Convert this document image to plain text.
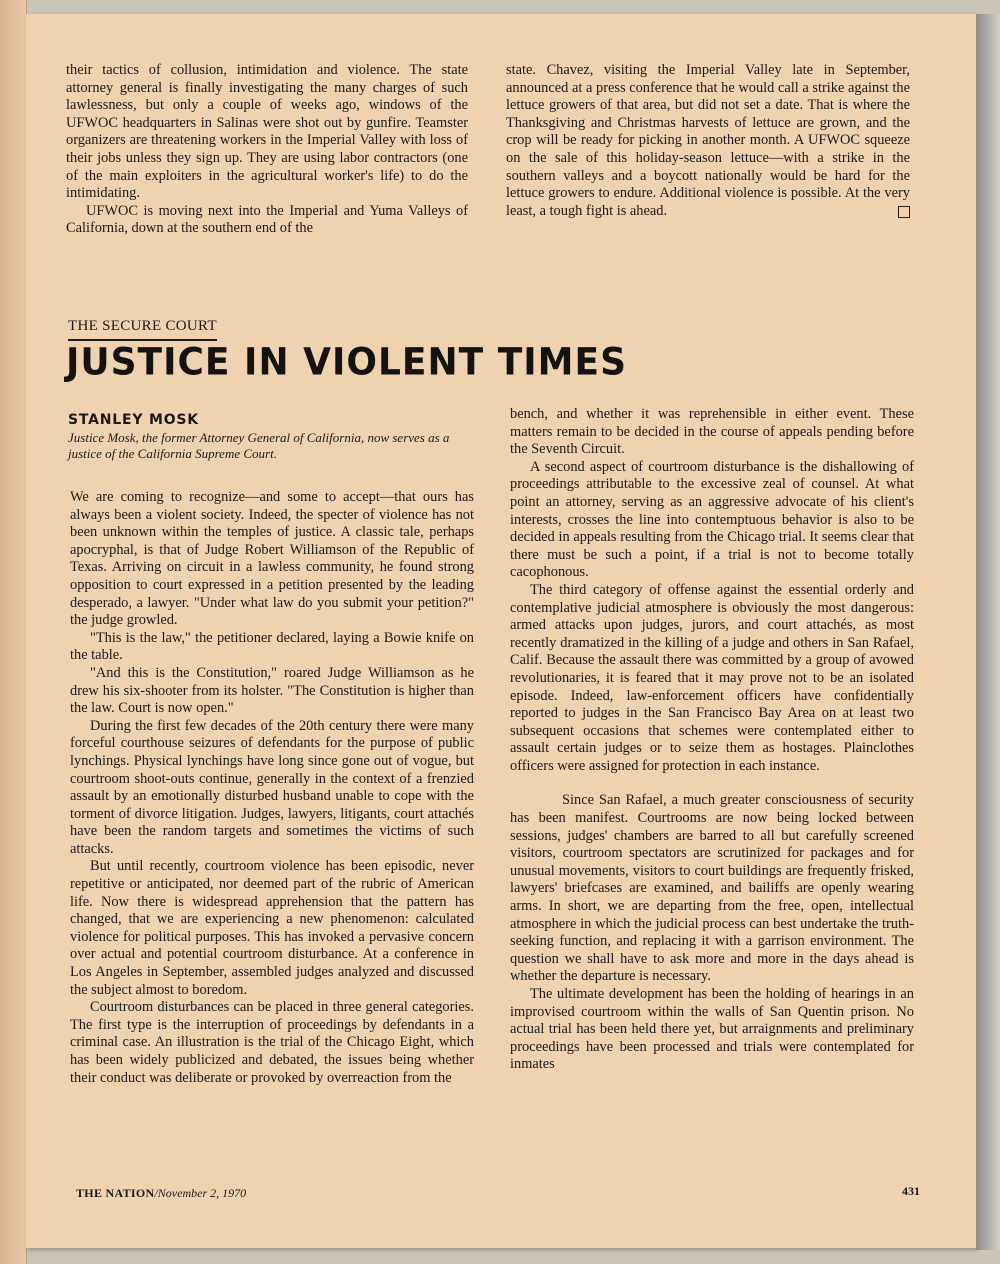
their tactics of collusion, intimidation and violence. The state attorney general is finally investigating the many charges of such lawlessness, but only a couple of weeks ago, windows of the UFWOC headquarters in Salinas were shot out by gunfire. Teamster organizers are threatening workers in the Imperial Valley with loss of their jobs unless they sign up. They are using labor contractors (one of the main exploiters in the agricultural worker's life) to do the intimidating.

UFWOC is moving next into the Imperial and Yuma Valleys of California, down at the southern end of the

state. Chavez, visiting the Imperial Valley late in September, announced at a press conference that he would call a strike against the lettuce growers of that area, but did not set a date. That is where the Thanksgiving and Christmas harvests of lettuce are grown, and the crop will be ready for picking in another month. A UFWOC squeeze on the sale of this holiday-season lettuce—with a strike in the southern valleys and a boycott nationally would be hard for the lettuce growers to endure. Additional violence is possible. At the very least, a tough fight is ahead.

THE SECURE COURT
JUSTICE IN VIOLENT TIMES
STANLEY MOSK
Justice Mosk, the former Attorney General of California, now serves as a justice of the California Supreme Court.

We are coming to recognize—and some to accept—that ours has always been a violent society. Indeed, the specter of violence has not been unknown within the temples of justice. A classic tale, perhaps apocryphal, is that of Judge Robert Williamson of the Republic of Texas. Arriving on circuit in a lawless community, he found strong opposition to court expressed in a petition presented by the leading desperado, a lawyer. "Under what law do you submit your petition?" the judge growled.

"This is the law," the petitioner declared, laying a Bowie knife on the table.

"And this is the Constitution," roared Judge Williamson as he drew his six-shooter from its holster. "The Constitution is higher than the law. Court is now open."

During the first few decades of the 20th century there were many forceful courthouse seizures of defendants for the purpose of public lynchings. Physical lynchings have long since gone out of vogue, but courtroom shoot-outs continue, generally in the context of a frenzied assault by an emotionally disturbed husband unable to cope with the torment of divorce litigation. Judges, lawyers, litigants, court attachés have been the random targets and sometimes the victims of such attacks.

But until recently, courtroom violence has been episodic, never repetitive or anticipated, nor deemed part of the rubric of American life. Now there is widespread apprehension that the pattern has changed, that we are experiencing a new phenomenon: calculated violence for political purposes. This has invoked a pervasive concern over actual and potential courtroom disturbance. At a conference in Los Angeles in September, assembled judges analyzed and discussed the subject almost to boredom.

Courtroom disturbances can be placed in three general categories. The first type is the interruption of proceedings by defendants in a criminal case. An illustration is the trial of the Chicago Eight, which has been widely publicized and debated, the issues being whether their conduct was deliberate or provoked by overreaction from the

bench, and whether it was reprehensible in either event. These matters remain to be decided in the course of appeals pending before the Seventh Circuit.

A second aspect of courtroom disturbance is the dishallowing of proceedings attributable to the excessive zeal of counsel. At what point an attorney, serving as an aggressive advocate of his client's interests, crosses the line into contemptuous behavior is also to be decided in appeals resulting from the Chicago trial. It seems clear that there must be such a point, if a trial is not to become totally cacophonous.

The third category of offense against the essential orderly and contemplative judicial atmosphere is obviously the most dangerous: armed attacks upon judges, jurors, and court attachés, as most recently dramatized in the killing of a judge and others in San Rafael, Calif. Because the assault there was committed by a group of avowed revolutionaries, it is feared that it may prove not to be an isolated episode. Indeed, law-enforcement officers have confidentially reported to judges in the San Francisco Bay Area on at least two subsequent occasions that schemes were contemplated either to assault certain judges or to seize them as hostages. Plainclothes officers were assigned for protection in each instance.

Since San Rafael, a much greater consciousness of security has been manifest. Courtrooms are now being locked between sessions, judges' chambers are barred to all but carefully screened visitors, courtroom spectators are scrutinized for packages and for unusual movements, visitors to court buildings are frequently frisked, lawyers' briefcases are examined, and bailiffs are openly wearing arms. In short, we are departing from the free, open, intellectual atmosphere in which the judicial process can best undertake the truth-seeking function, and replacing it with a garrison environment. The question we shall have to ask more and more in the days ahead is whether the departure is necessary.

The ultimate development has been the holding of hearings in an improvised courtroom within the walls of San Quentin prison. No actual trial has been held there yet, but arraignments and preliminary proceedings have been processed and trials were contemplated for inmates

THE NATION/November 2, 1970	431
